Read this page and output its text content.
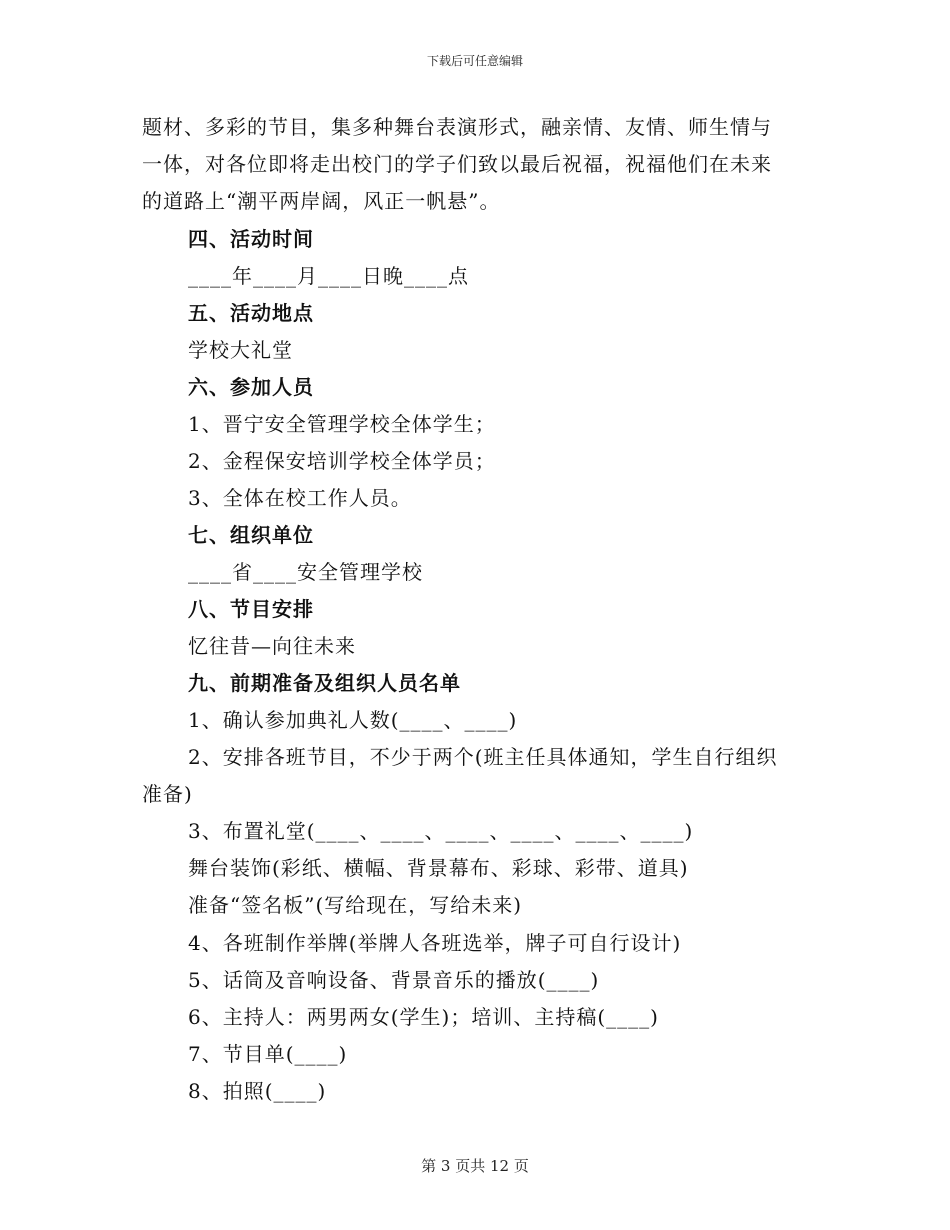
下载后可任意编辑
题材、多彩的节目，集多种舞台表演形式，融亲情、友情、师生情与
一体，对各位即将走出校门的学子们致以最后祝福，祝福他们在未来
的道路上“潮平两岸阔，风正一帆悬”。
四、活动时间
____年____月____日晚____点
五、活动地点
学校大礼堂
六、参加人员
1、晋宁安全管理学校全体学生；
2、金程保安培训学校全体学员；
3、全体在校工作人员。
七、组织单位
____省____安全管理学校
八、节目安排
忆往昔—向往未来
九、前期准备及组织人员名单
1、确认参加典礼人数(____、____)
2、安排各班节目，不少于两个(班主任具体通知，学生自行组织
准备)
3、布置礼堂(____、____、____、____、____、____)
舞台装饰(彩纸、横幅、背景幕布、彩球、彩带、道具)
准备“签名板”(写给现在，写给未来)
4、各班制作举牌(举牌人各班选举，牌子可自行设计)
5、话筒及音响设备、背景音乐的播放(____)
6、主持人：两男两女(学生)；培训、主持稿(____)
7、节目单(____)
8、拍照(____)
第 3 页共 12 页
